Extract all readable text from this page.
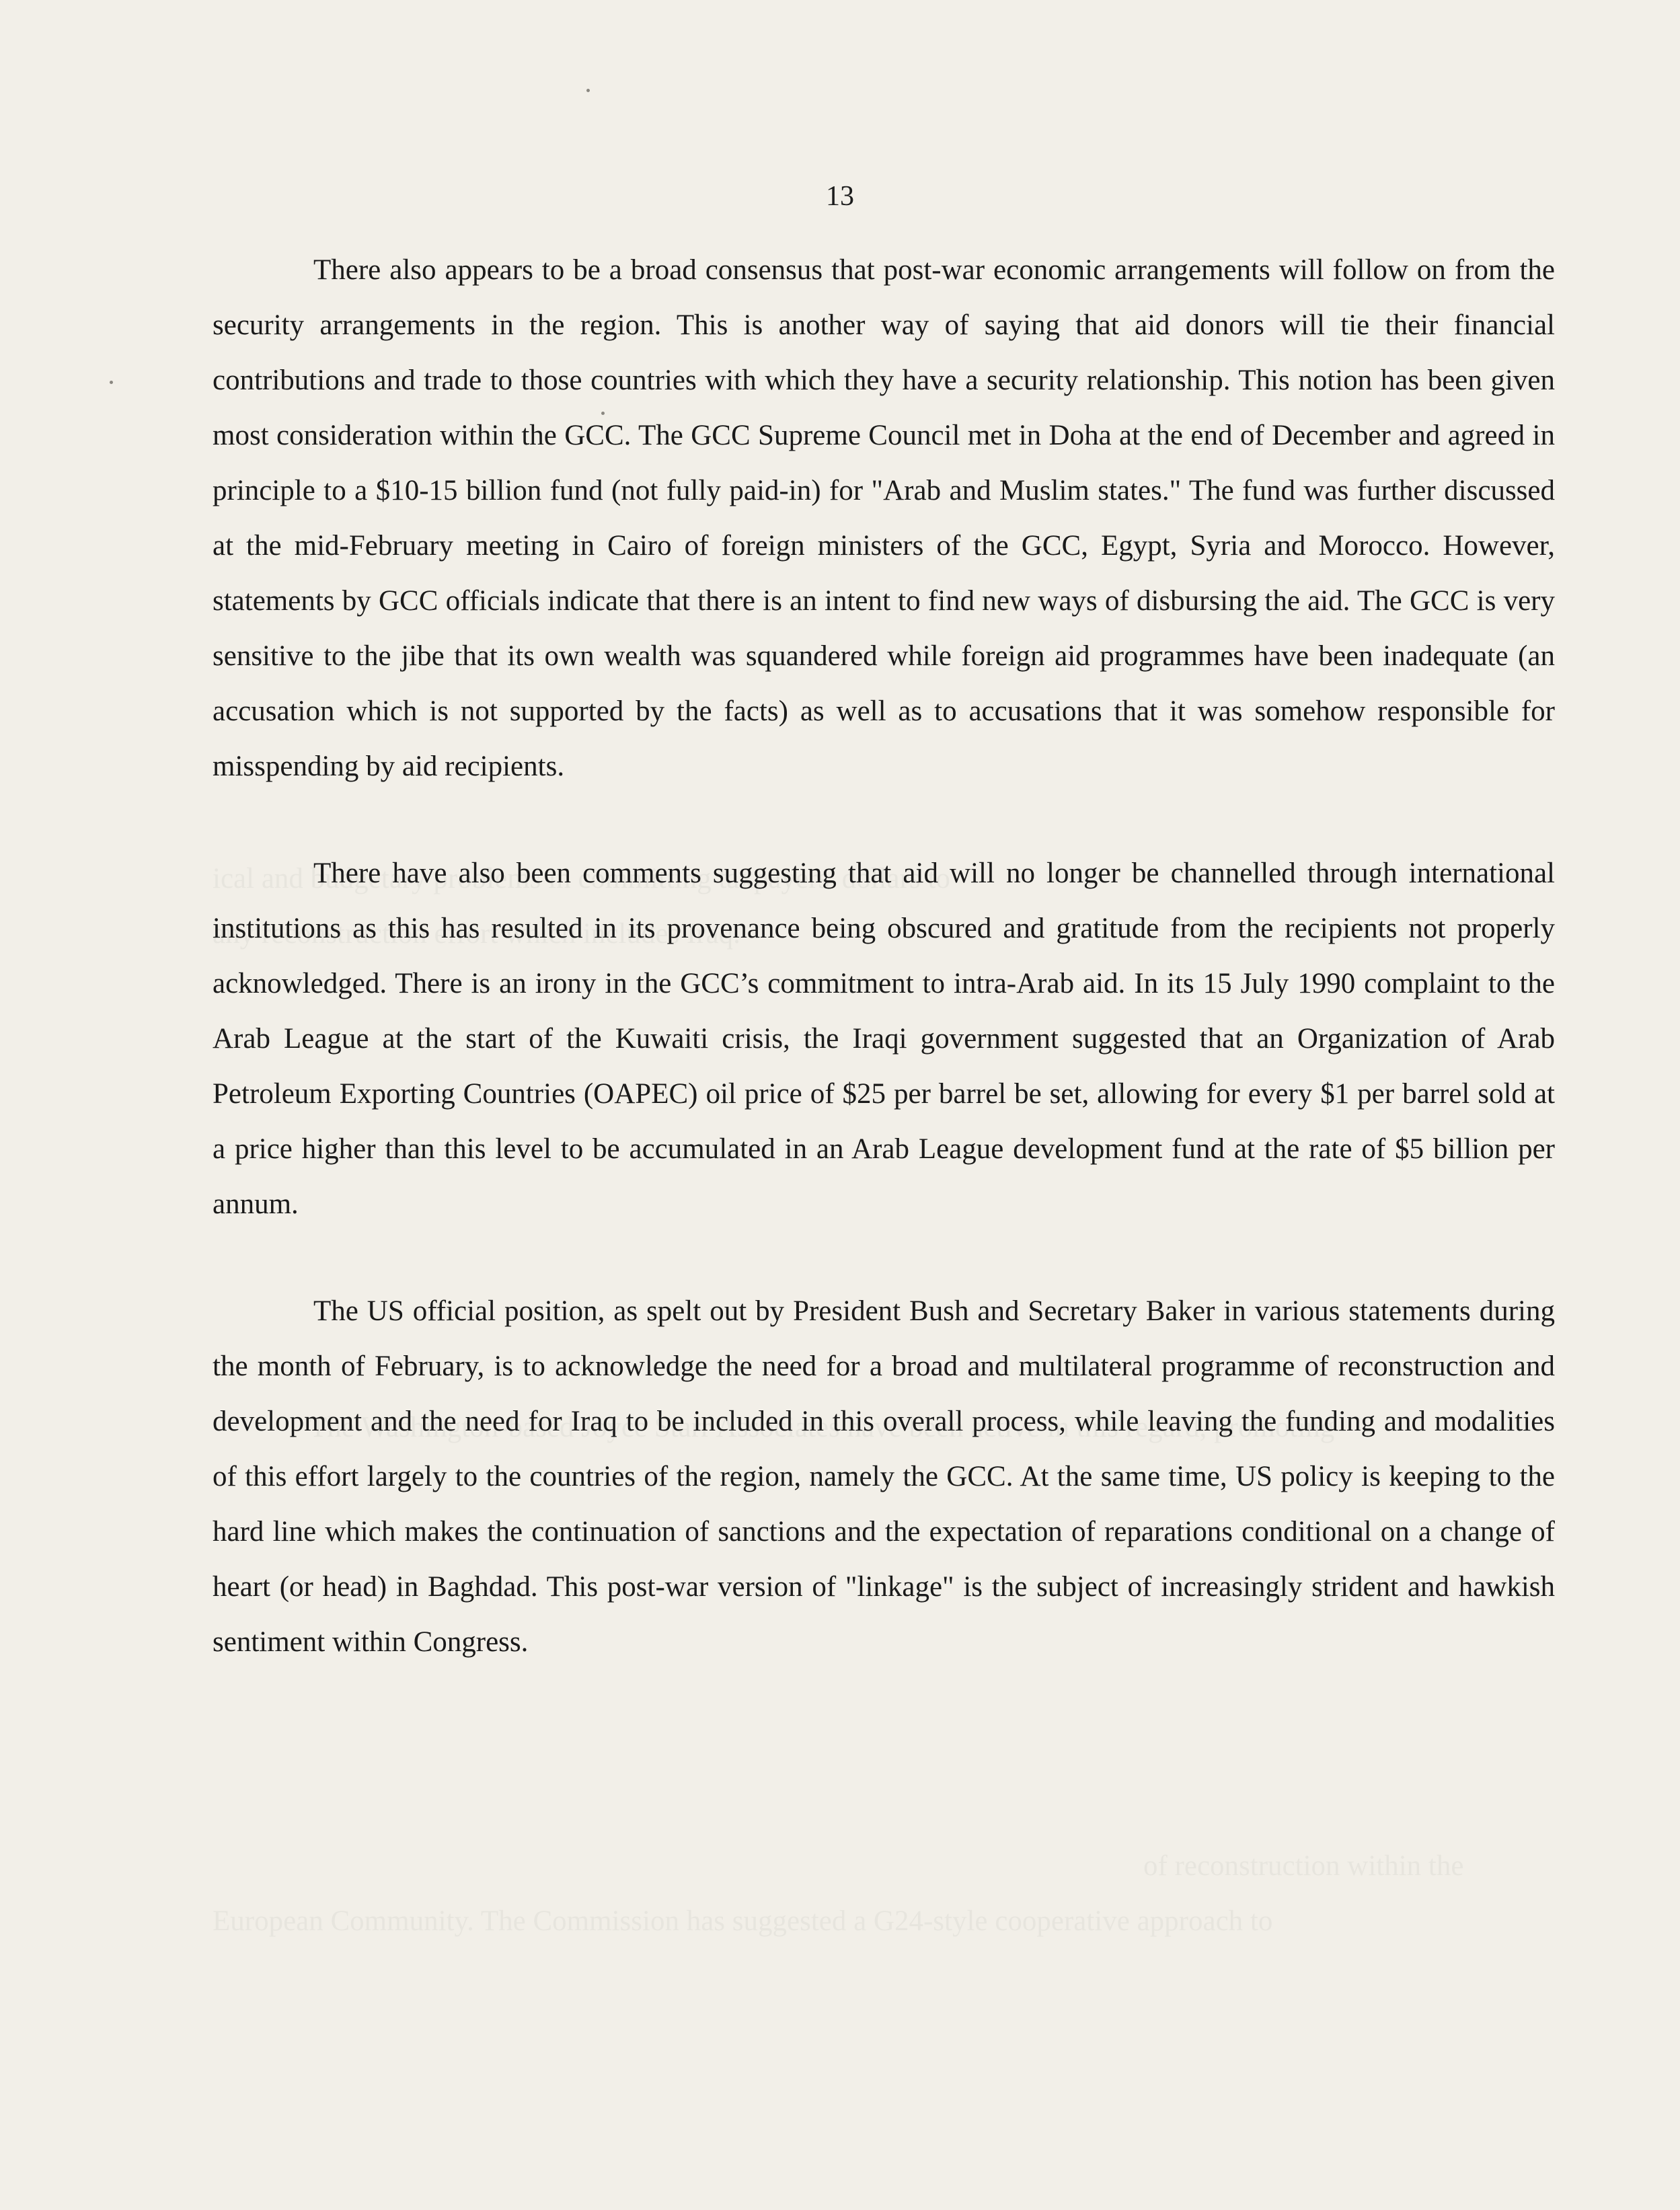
13

There also appears to be a broad consensus that post-war economic arrangements will follow on from the security arrangements in the region. This is another way of saying that aid donors will tie their financial contributions and trade to those countries with which they have a security relationship. This notion has been given most consideration within the GCC. The GCC Supreme Council met in Doha at the end of December and agreed in principle to a $10-15 billion fund (not fully paid-in) for "Arab and Muslim states." The fund was further discussed at the mid-February meeting in Cairo of foreign ministers of the GCC, Egypt, Syria and Morocco. However, statements by GCC officials indicate that there is an intent to find new ways of disbursing the aid. The GCC is very sensitive to the jibe that its own wealth was squandered while foreign aid programmes have been inadequate (an accusation which is not supported by the facts) as well as to accusations that it was somehow responsible for misspending by aid recipients.

There have also been comments suggesting that aid will no longer be channelled through international institutions as this has resulted in its provenance being obscured and gratitude from the recipients not properly acknowledged. There is an irony in the GCC’s commitment to intra-Arab aid. In its 15 July 1990 complaint to the Arab League at the start of the Kuwaiti crisis, the Iraqi government suggested that an Organization of Arab Petroleum Exporting Countries (OAPEC) oil price of $25 per barrel be set, allowing for every $1 per barrel sold at a price higher than this level to be accumulated in an Arab League development fund at the rate of $5 billion per annum.

The US official position, as spelt out by President Bush and Secretary Baker in various statements during the month of February, is to acknowledge the need for a broad and multilateral programme of reconstruction and development and the need for Iraq to be included in this overall process, while leaving the funding and modalities of this effort largely to the countries of the region, namely the GCC. At the same time, US policy is keeping to the hard line which makes the continuation of sanctions and the expectation of reparations conditional on a change of heart (or head) in Baghdad. This post-war version of "linkage" is the subject of increasingly strident and hawkish sentiment within Congress.
